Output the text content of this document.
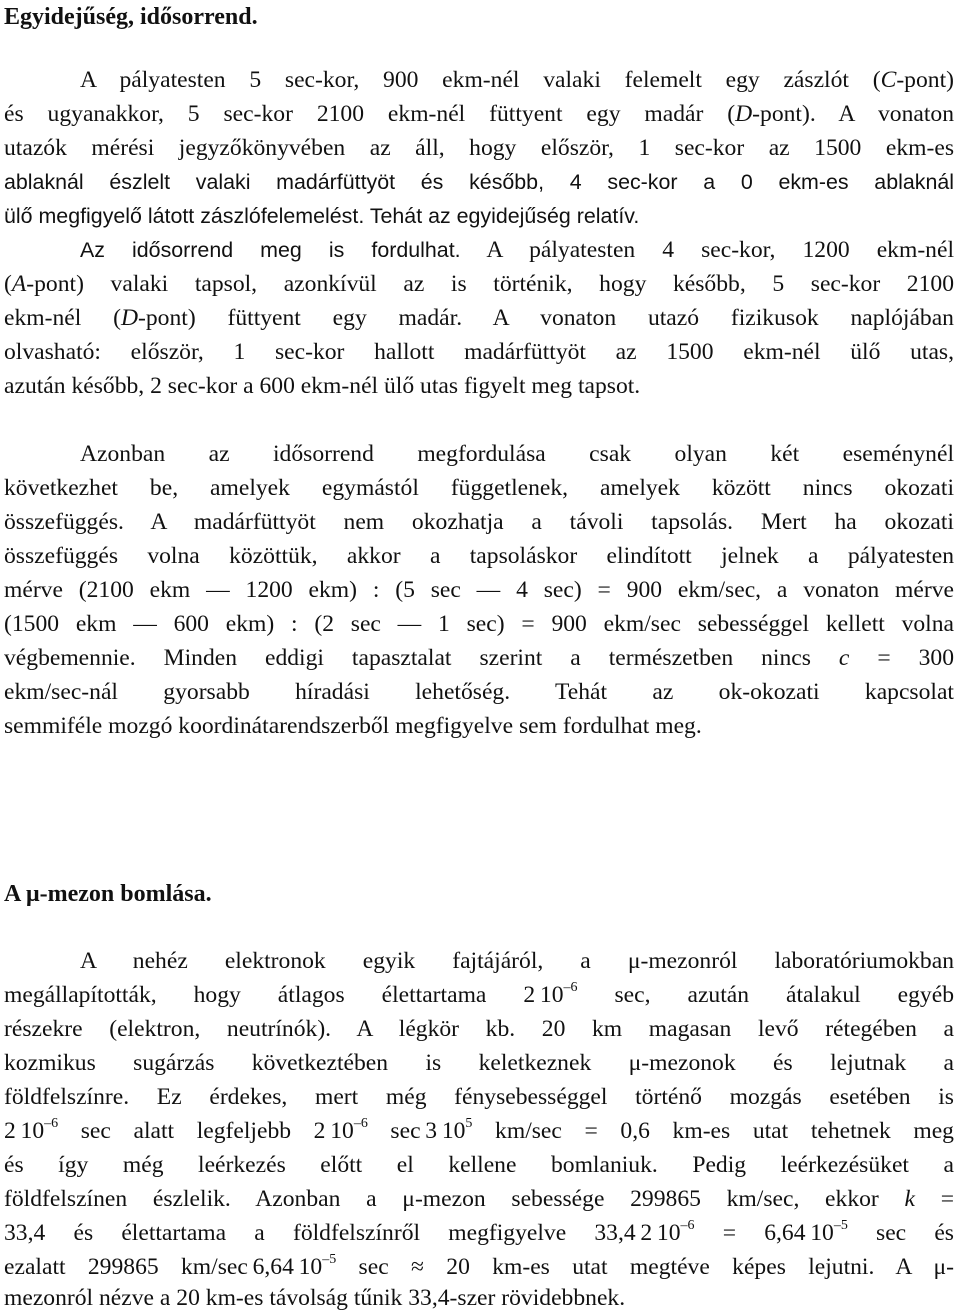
Egyidejűség, idősorrend.
A pályatesten 5 sec-kor, 900 ekm-nél valaki felemelt egy zászlót (C-pont)
és ugyanakkor, 5 sec-kor 2100 ekm-nél füttyent egy madár (D-pont). A vonaton
utazók mérési jegyzőkönyvében az áll, hogy először, 1 sec-kor az 1500 ekm-es
ablaknál észlelt valaki madárfüttyöt és később, 4 sec-kor a 0 ekm-es ablaknál
ülő megfigyelő látott zászlófelemelést. Tehát az egyidejűség relatív.
Az idősorrend meg is fordulhat. A pályatesten 4 sec-kor, 1200 ekm-nél
(A-pont) valaki tapsol, azonkívül az is történik, hogy később, 5 sec-kor 2100
ekm-nél (D-pont) füttyent egy madár. A vonaton utazó fizikusok naplójában
olvasható: először, 1 sec-kor hallott madárfüttyöt az 1500 ekm-nél ülő utas,
azután később, 2 sec-kor a 600 ekm-nél ülő utas figyelt meg tapsot.
Azonban az idősorrend megfordulása csak olyan két eseménynél
következhet be, amelyek egymástól függetlenek, amelyek között nincs okozati
összefüggés. A madárfüttyöt nem okozhatja a távoli tapsolás. Mert ha okozati
összefüggés volna közöttük, akkor a tapsoláskor elindított jelnek a pályatesten
mérve (2100 ekm ― 1200 ekm) : (5 sec ― 4 sec) = 900 ekm/sec, a vonaton mérve
(1500 ekm ― 600 ekm) : (2 sec ― 1 sec) = 900 ekm/sec sebességgel kellett volna
végbemennie. Minden eddigi tapasztalat szerint a természetben nincs c = 300
ekm/sec-nál gyorsabb híradási lehetőség. Tehát az ok-okozati kapcsolat
semmiféle mozgó koordinátarendszerből megfigyelve sem fordulhat meg.
A μ-mezon bomlása.
A nehéz elektronok egyik fajtájáról, a μ-mezonról laboratóriumokban
megállapították, hogy átlagos élettartama 2  $10^{-6}$ sec, azután átalakul egyéb
részekre (elektron, neutrínók). A légkör kb. 20 km magasan levő rétegében a
kozmikus sugárzás következtében is keletkeznek μ-mezonok és lejutnak a
földfelszínre. Ez érdekes, mert még fénysebességgel történő mozgás esetében is
2  $10^{-6}$ sec alatt legfeljebb 2  $10^{-6}$ sec  3  $10^5$ km/sec = 0,6 km-es utat tehetnek meg
és így még leérkezés előtt el kellene bomlaniuk. Pedig leérkezésüket a
földfelszínen észlelik. Azonban a μ-mezon sebessége 299865 km/sec, ekkor k =
33,4 és élettartama a földfelszínről megfigyelve 33,4  2  $10^{-6} = 6,64$  $10^{-5}$ sec és
ezalatt 299865 km/sec  6,64  $10^{-5}$ sec ≈ 20 km-es utat megtéve képes lejutni. A μ-
mezonról nézve a 20 km-es távolság tűnik 33,4-szer rövidebbnek.
